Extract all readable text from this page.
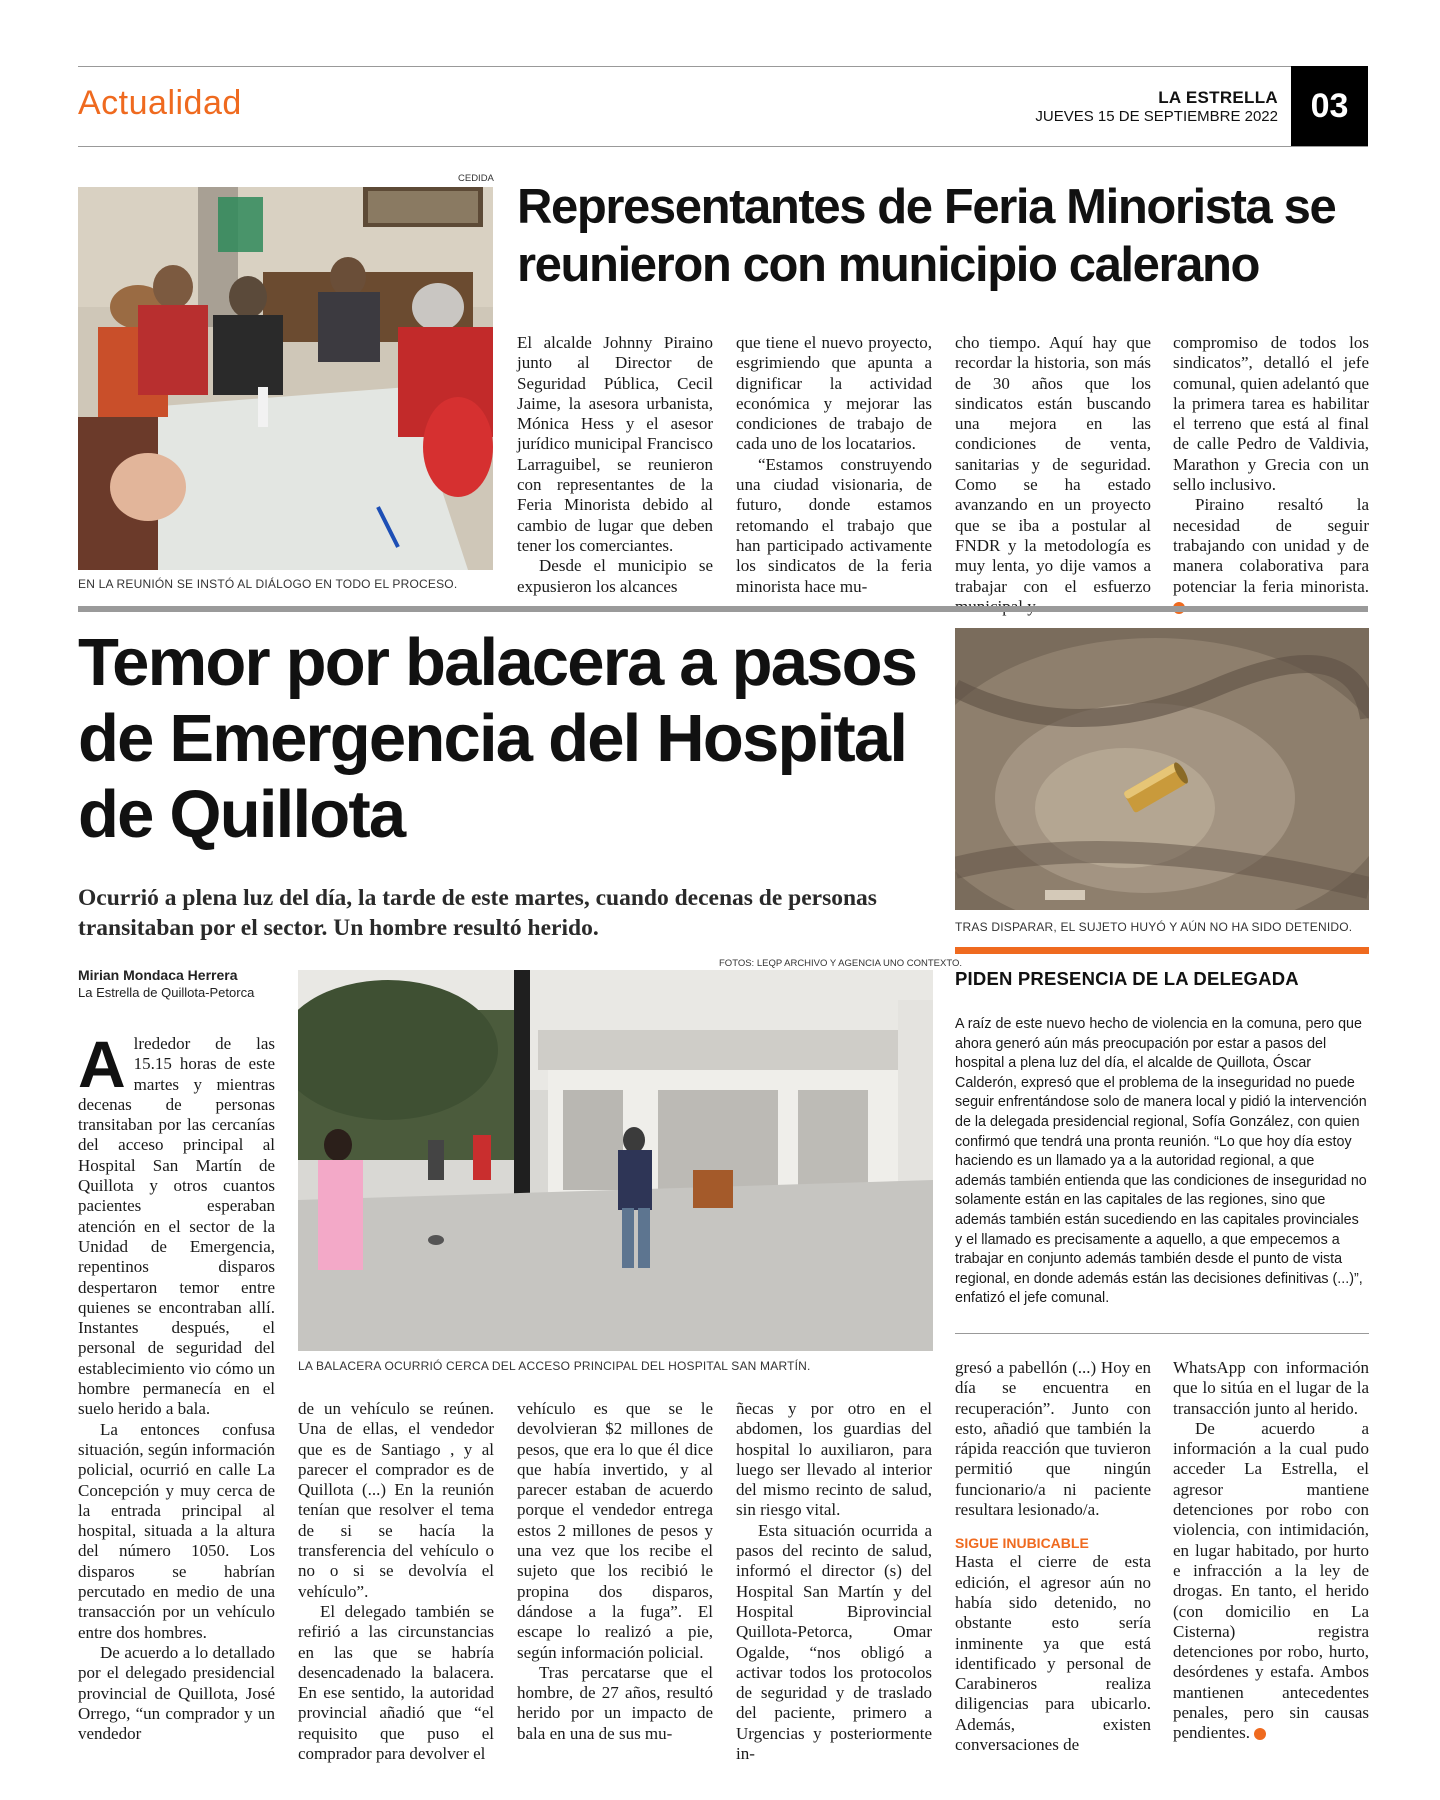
Actualidad	LA ESTRELLA
JUEVES 15 DE SEPTIEMBRE 2022 03
CEDIDA
EN LA REUNIÓN SE INSTÓ AL DIÁLOGO EN TODO EL PROCESO.
Representantes de Feria Minorista se reunieron con municipio calerano

El alcalde Johnny Piraino junto al Director de Seguridad Pública, Cecil Jaime, la asesora urbanista, Mónica Hess y el asesor jurídico municipal Francisco Larraguibel, se reunieron con representantes de la Feria Minorista debido al cambio de lugar que deben tener los comerciantes.

Desde el municipio se expusieron los alcances

que tiene el nuevo proyecto, esgrimiendo que apunta a dignificar la actividad económica y mejorar las condiciones de trabajo de cada uno de los locatarios.

“Estamos construyendo una ciudad visionaria, de futuro, donde estamos retomando el trabajo que han participado activamente los sindicatos de la feria minorista hace mu-

cho tiempo. Aquí hay que recordar la historia, son más de 30 años que los sindicatos están buscando una mejora en las condiciones de venta, sanitarias y de seguridad. Como se ha estado avanzando en un proyecto que se iba a postular al FNDR y la metodología es muy lenta, yo dije vamos a trabajar con el esfuerzo

compromiso de todos los sindicatos”, detalló el jefe comunal, quien adelantó que la primera tarea es habilitar el terreno que está al final de calle Pedro de Valdivia, Marathon y Grecia con un sello inclusivo.

Piraino resaltó la necesidad de seguir trabajando con unidad y de manera colaborativa para potenciar la feria minorista.

Temor por balacera a pasos de Emergencia del Hospital de Quillota
Ocurrió a plena luz del día, la tarde de este martes, cuando decenas de personas transitaban por el sector. Un hombre resultó herido.	TRAS DISPARAR, EL SUJETO HUYÓ Y AÚN NO HA SIDO DETENIDO.
PIDEN PRESENCIA DE LA DELEGADA
A raíz de este nuevo hecho de violencia en la comuna, pero que ahora generó aún más preocupación por estar a pasos del hospital a plena luz del día, el alcalde de Quillota, Óscar Calderón, expresó que el problema de la inseguridad no puede seguir enfrentándose solo de manera local y pidió la intervención de la delegada presidencial regional, Sofía González, con quien confirmó que tendrá una pronta reunión. “Lo que hoy día estoy haciendo es un llamado ya a la autoridad regional, a que además también entienda que las condiciones de inseguridad no solamente están en las capitales de las regiones, sino que además también están sucediendo en las capitales provinciales y el llamado es precisamente a aquello, a que empecemos a trabajar en conjunto además también desde el punto de vista regional, en donde además están las decisiones definitivas (...)”, enfatizó el jefe comunal.
Mirian Mondaca Herrera
La Estrella de Quillota-Petorca
FOTOS: LEQP ARCHIVO Y AGENCIA UNO CONTEXTO.
LA BALACERA OCURRIÓ CERCA DEL ACCESO PRINCIPAL DEL HOSPITAL SAN MARTÍN.

Alrededor de las 15.15 horas de este martes y mientras decenas de personas transitaban por las cercanías del acceso principal al Hospital San Martín de Quillota y otros cuantos pacientes esperaban atención en el sector de la Unidad de Emergencia, repentinos disparos despertaron temor entre quienes se encontraban allí. Instantes después, el personal de seguridad del establecimiento vio cómo un hombre permanecía en el suelo herido a bala.

La entonces confusa situación, según información policial, ocurrió en calle La Concepción y muy cerca de la entrada principal al hospital, situada a la altura del número 1050. Los disparos se habrían percutado en medio de una transacción por un vehículo entre dos hombres.

De acuerdo a lo detallado por el delegado presidencial provincial de Quillota, José Orrego, “un comprador y un vendedor

de un vehículo se reúnen. Una de ellas, el vendedor que es de Santiago , y al parecer el comprador es de Quillota (...) En la reunión tenían que resolver el tema de si se hacía la transferencia del vehículo o no o si se devolvía el vehículo”.

El delegado también se refirió a las circunstancias en las que se habría desencadenado la balacera. En ese sentido, la autoridad provincial añadió que “el requisito que puso el comprador para devolver el

vehículo es que se le devolvieran $2 millones de pesos, que era lo que él dice que había invertido, y al parecer estaban de acuerdo porque el vendedor entrega estos 2 millones de pesos y una vez que los recibe el sujeto que los recibió le propina dos disparos, dándose a la fuga”. El escape lo realizó a pie, según información policial.

Tras percatarse que el hombre, de 27 años, resultó herido por un impacto de bala en una de sus mu-

ñecas y por otro en el abdomen, los guardias del hospital lo auxiliaron, para luego ser llevado al interior del mismo recinto de salud, sin riesgo vital.

Esta situación ocurrida a pasos del recinto de salud, informó el director (s) del Hospital San Martín y del Hospital Biprovincial Quillota-Petorca, Omar Ogalde, “nos obligó a activar todos los protocolos de seguridad y de traslado del paciente, primero a Urgencias y posteriormente in-

gresó a pabellón (...) Hoy en día se encuentra en recuperación”. Junto con esto, añadió que también la rápida reacción que tuvieron permitió que ningún funcionario/a ni paciente resultara lesionado/a.

SIGUE INUBICABLE

Hasta el cierre de esta edición, el agresor aún no había sido detenido, no obstante esto sería inminente ya que está identificado y personal de Carabineros realiza diligencias para ubicarlo. Además, existen conversaciones de

WhatsApp con información que lo sitúa en el lugar de la transacción junto al herido.

De acuerdo a información a la cual pudo acceder La Estrella, el agresor mantiene detenciones por robo con violencia, con intimidación, en lugar habitado, por hurto e infracción a la ley de drogas. En tanto, el herido (con domicilio en La Cisterna) registra detenciones por robo, hurto, desórdenes y estafa. Ambos mantienen antecedentes penales, pero sin causas pendientes.	✚
